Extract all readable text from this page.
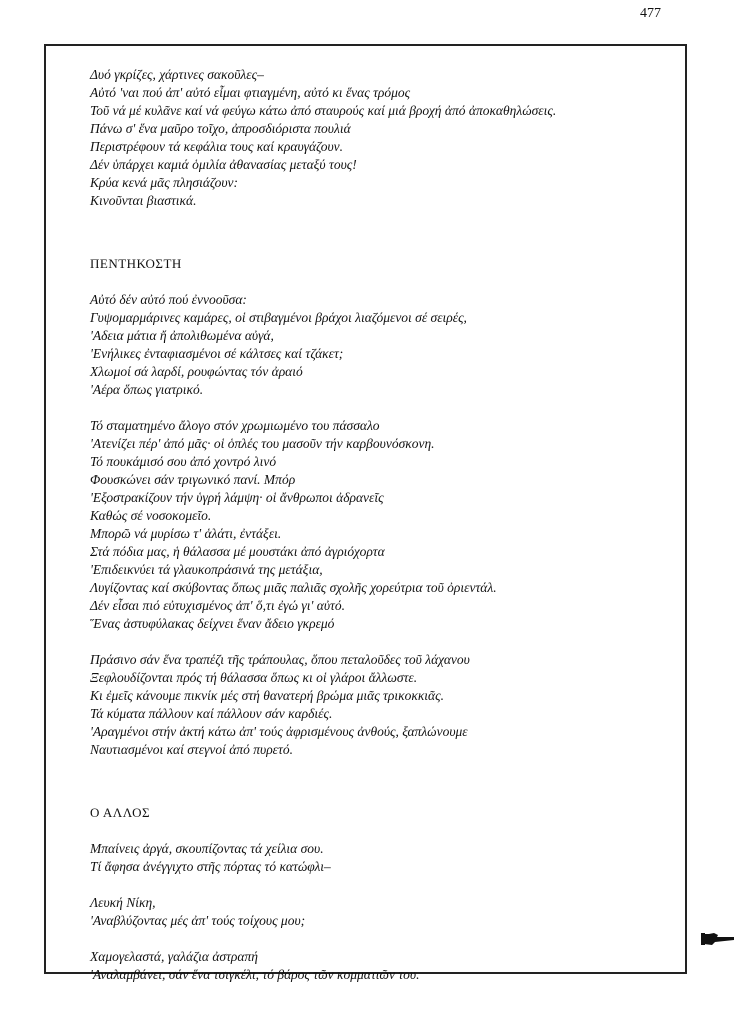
477
Δυό γκρίζες, χάρτινες σακοῦλες–
Αὐτό 'ναι πού ἀπ' αὐτό εἶμαι φτιαγμένη, αὐτό κι ἕνας τρόμος
Τοῦ νά μέ κυλᾶνε καί νά φεύγω κάτω ἀπό σταυρούς καί μιά βροχή ἀπό ἀποκαθηλώσεις.
Πάνω σ' ἕνα μαῦρο τοῖχο, ἀπροσδιόριστα πουλιά
Περιστρέφουν τά κεφάλια τους καί κραυγάζουν.
Δέν ὑπάρχει καμιά ὁμιλία ἀθανασίας μεταξύ τους!
Κρύα κενά μᾶς πλησιάζουν:
Κινοῦνται βιαστικά.
ΠΕΝΤΗΚΟΣΤΗ
Αὐτό δέν αὐτό πού ἐννοοῦσα:
Γυψομαρμάρινες καμάρες, οἱ στιβαγμένοι βράχοι λιαζόμενοι σέ σειρές,
'Αδεια μάτια ἤ ἀπολιθωμένα αὐγά,
'Ενήλικες ἐνταφιασμένοι σέ κάλτσες καί τζάκετ;
Χλωμοί σά λαρδί, ρουφώντας τόν ἀραιό
'Αέρα ὅπως γιατρικό.
Τό σταματημένο ἄλογο στόν χρωμιωμένο του πάσσαλο
'Ατενίζει πέρ' ἀπό μᾶς· οἱ ὁπλές του μασοῦν τήν καρβουνόσκονη.
Τό πουκάμισό σου ἀπό χοντρό λινό
Φουσκώνει σάν τριγωνικό πανί. Μπόρ
'Εξοστρακίζουν τήν ὑγρή λάμψη· οἱ ἄνθρωποι ἀδρανεῖς
Καθώς σέ νοσοκομεῖο.
Μπορῶ νά μυρίσω τ' ἁλάτι, ἐντάξει.
Στά πόδια μας, ἡ θάλασσα μέ μουστάκι ἀπό ἀγριόχορτα
'Επιδεικνύει τά γλαυκοπράσινά της μετάξια,
Λυγίζοντας καί σκύβοντας ὅπως μιᾶς παλιᾶς σχολῆς χορεύτρια τοῦ ὀριεντάλ.
Δέν εἶσαι πιό εὐτυχισμένος ἀπ' ὅ,τι ἐγώ γι' αὐτό.
Ἕνας ἀστυφύλακας δείχνει ἕναν ἄδειο γκρεμό
Πράσινο σάν ἕνα τραπέζι τῆς τράπουλας, ὅπου πεταλοῦδες τοῦ λάχανου
Ξεφλουδίζονται πρός τή θάλασσα ὅπως κι οἱ γλάροι ἄλλωστε.
Κι ἐμεῖς κάνουμε πικνίκ μές στή θανατερή βρώμα μιᾶς τρικοκκιᾶς.
Τά κύματα πάλλουν καί πάλλουν σάν καρδιές.
'Αραγμένοι στήν ἀκτή κάτω ἀπ' τούς ἀφρισμένους ἀνθούς, ξαπλώνουμε
Ναυτιασμένοι καί στεγνοί ἀπό πυρετό.
Ο ΑΛΛΟΣ
Μπαίνεις ἀργά, σκουπίζοντας τά χείλια σου.
Τί ἄφησα ἀνέγγιχτο στῆς πόρτας τό κατώφλι–
Λευκή Νίκη,
'Αναβλύζοντας μές ἀπ' τούς τοίχους μου;
Χαμογελαστά, γαλάζια ἀστραπή
'Αναλαμβάνει, σάν ἕνα τσιγκέλι, τό βάρος τῶν κομματιῶν του.
